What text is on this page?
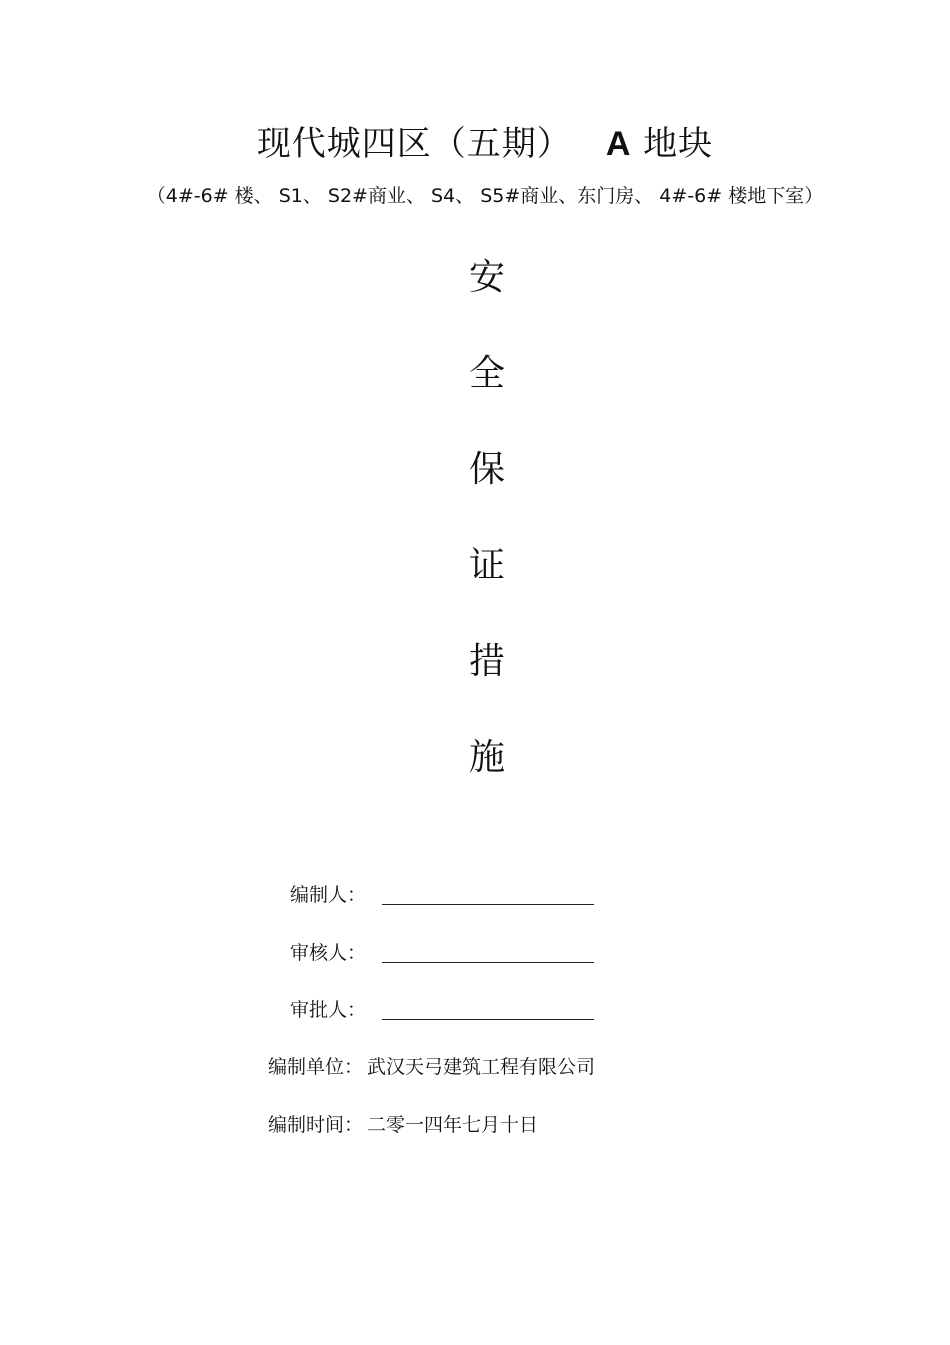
现代城四区（五期） A 地块
（4#-6# 楼、 S1、 S2#商业、 S4、 S5#商业、东门房、 4#-6# 楼地下室）
安
全
保
证
措
施
编制人：
审核人：
审批人：
编制单位： 武汉天弓建筑工程有限公司
编制时间： 二零一四年七月十日
